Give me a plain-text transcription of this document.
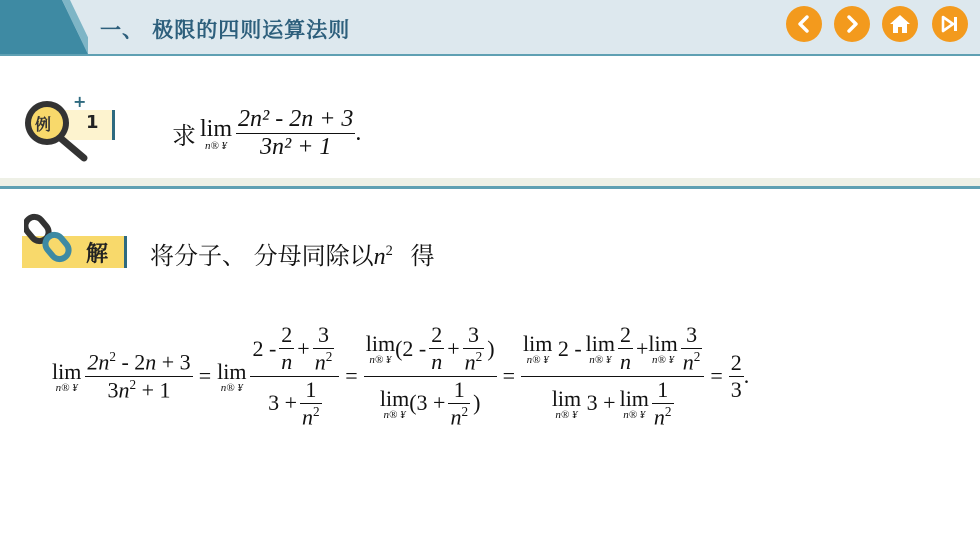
一、 极限的四则运算法则
+
例 1	求 lim
n® ¥ $\frac{\text{2n² - 2n + 3}}{\text{3n² + 1}}$ .
解 将分子、 分母同除以$n^2$ 得
lim
n® ¥ $\frac{2n^2 - 2n + 3}{3n^2 + 1} = \lim$
n® ¥ $\frac{2 - \frac{2}{n} + \frac{3}{n^2}}{3 + \frac{1}{n^2}} = \lim$
n® ¥ ($2 - \frac{2}{n} + \frac{3}{n^2}$ )
lim
n® ¥ ($3 + \frac{1}{n^2}$ ) =
lim
n® ¥ 2 - lim
n® ¥ $\frac{2}{n} + \lim$
n® ¥ $\frac{3}{n^2}$
lim
n® ¥ 3 + lim
n® ¥ $\frac{1}{n^2}$
= $\frac{2}{3}$ .
